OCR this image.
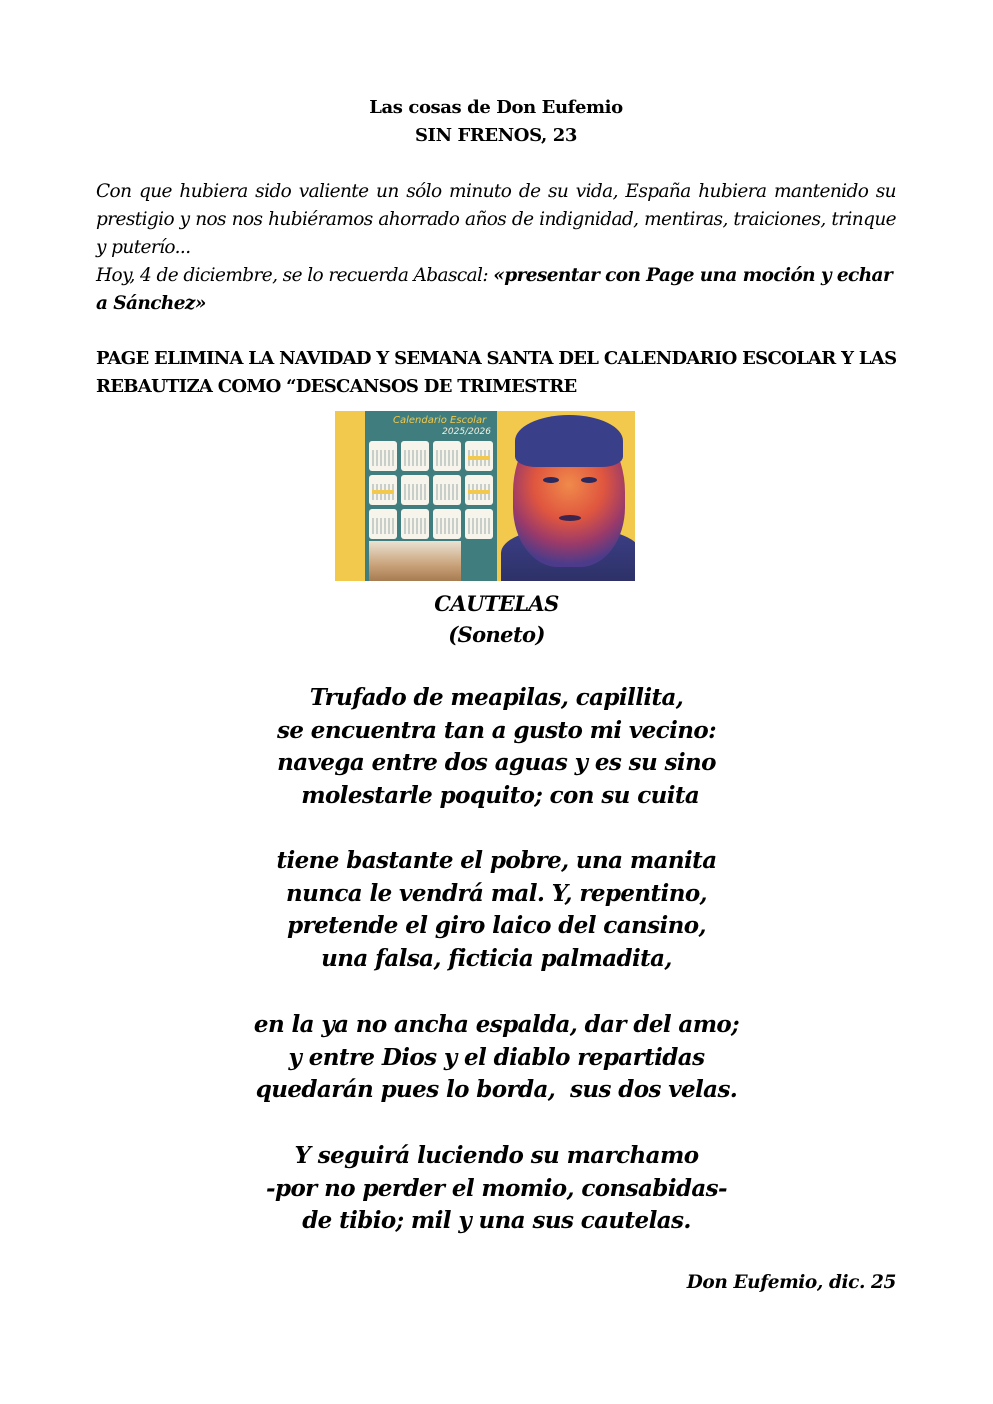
Las cosas de Don Eufemio
SIN FRENOS, 23
Con que hubiera sido valiente un sólo minuto de su vida, España hubiera mantenido su prestigio y nos nos hubiéramos ahorrado años de indignidad, mentiras, traiciones, trinque y puterío...
Hoy, 4 de diciembre, se lo recuerda Abascal: «presentar con Page una moción y echar a Sánchez»
PAGE ELIMINA LA NAVIDAD Y SEMANA SANTA DEL CALENDARIO ESCOLAR Y LAS REBAUTIZA COMO “DESCANSOS DE TRIMESTRE
Calendario Escolar
2025/2026
CAUTELAS
(Soneto)
Trufado de meapilas, capillita,
se encuentra tan a gusto mi vecino:
navega entre dos aguas y es su sino
molestarle poquito; con su cuita
tiene bastante el pobre, una manita
nunca le vendrá mal. Y, repentino,
pretende el giro laico del cansino,
una falsa, ficticia palmadita,
en la ya no ancha espalda, dar del amo;
y entre Dios y el diablo repartidas
quedarán pues lo borda,  sus dos velas.
Y seguirá luciendo su marchamo
-por no perder el momio, consabidas-
de tibio; mil y una sus cautelas.
Don Eufemio, dic. 25
